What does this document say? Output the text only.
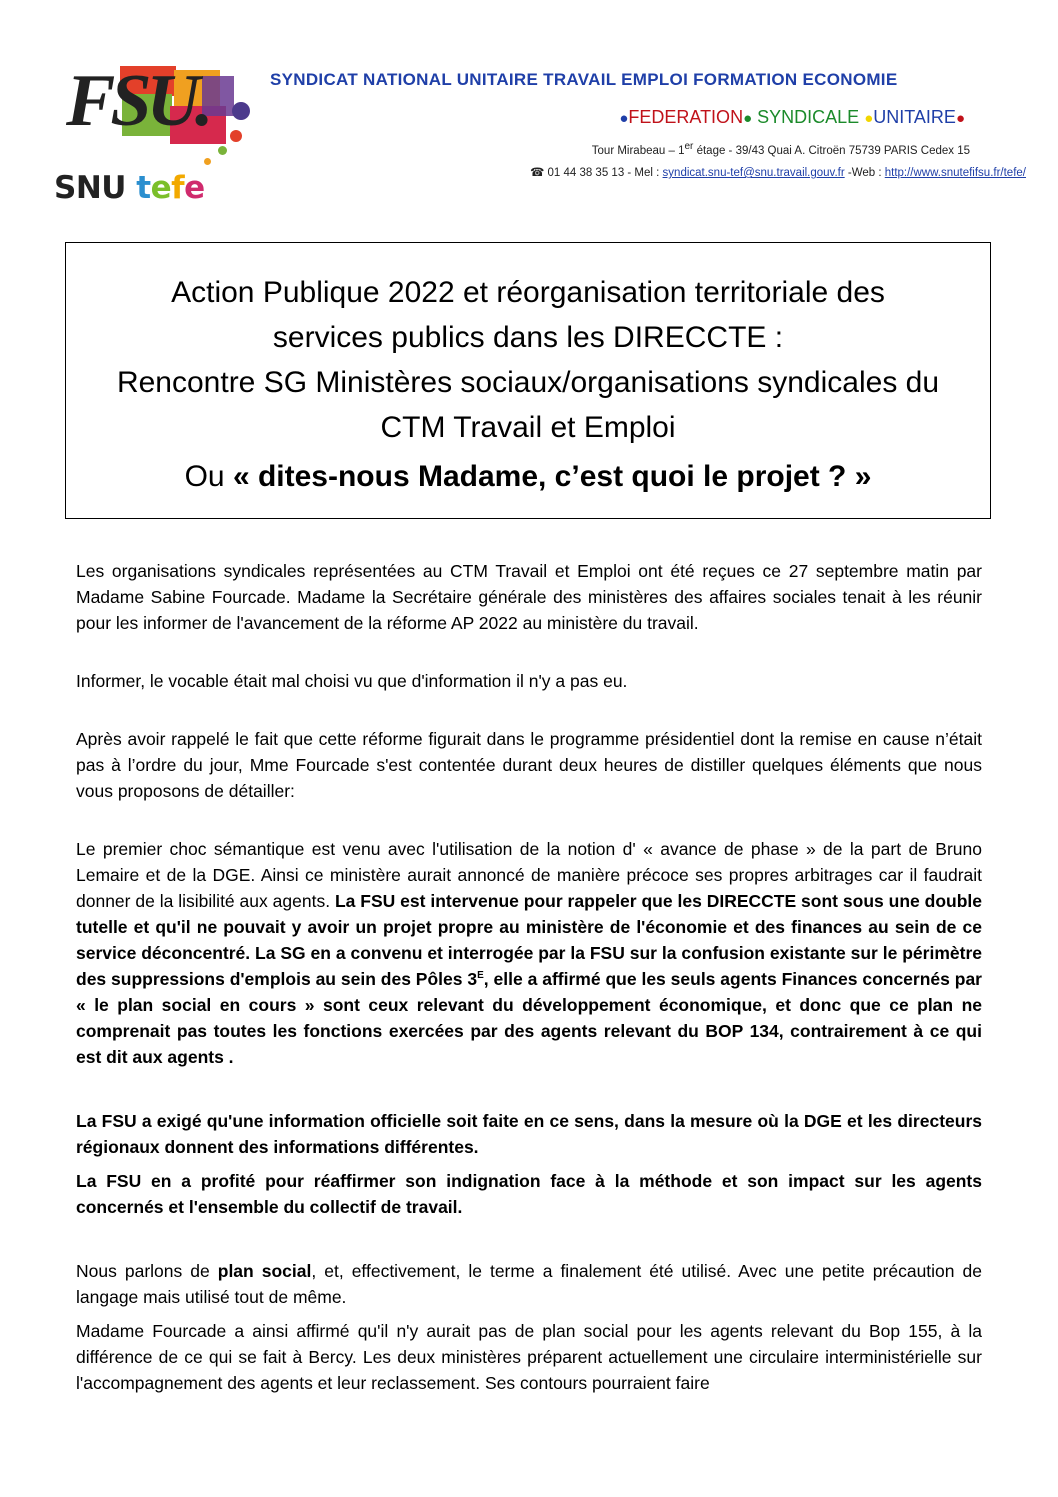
FSU.
SNU tefe
SYNDICAT NATIONAL UNITAIRE TRAVAIL EMPLOI FORMATION ECONOMIE
●FEDERATION● SYNDICALE ●UNITAIRE●
Tour Mirabeau – 1er étage - 39/43 Quai A. Citroën 75739 PARIS Cedex 15
☎ 01 44 38 35 13 - Mel : syndicat.snu-tef@snu.travail.gouv.fr -Web : http://www.snutefifsu.fr/tefe/
Action Publique 2022 et réorganisation territoriale des
services publics dans les DIRECCTE :
Rencontre SG Ministères sociaux/organisations syndicales du
CTM Travail et Emploi
Ou « dites-nous Madame, c’est quoi le projet ? »

Les organisations syndicales représentées au CTM Travail et Emploi ont été reçues ce 27 septembre matin par Madame Sabine Fourcade. Madame la Secrétaire générale des ministères des affaires sociales tenait à les réunir pour les informer de l'avancement de la réforme AP 2022 au ministère du travail.

Informer, le vocable était mal choisi vu que d'information il n'y a pas eu.

Après avoir rappelé le fait que cette réforme figurait dans le programme présidentiel dont la remise en cause n’était pas à l’ordre du jour, Mme Fourcade s'est contentée durant deux heures de distiller quelques éléments que nous vous proposons de détailler:

Le premier choc sémantique est venu avec l'utilisation de la notion d' « avance de phase » de la part de Bruno Lemaire et de la DGE. Ainsi ce ministère aurait annoncé de manière précoce ses propres arbitrages car il faudrait donner de la lisibilité aux agents. La FSU est intervenue pour rappeler que les DIRECCTE sont sous une double tutelle et qu'il ne pouvait y avoir un projet propre au ministère de l'économie et des finances au sein de ce service déconcentré. La SG en a convenu et interrogée par la FSU sur la confusion existante sur le périmètre des suppressions d'emplois au sein des Pôles $3^E$, elle a affirmé que les seuls agents Finances concernés par « le plan social en cours » sont ceux relevant du développement économique, et donc que ce plan ne comprenait pas toutes les fonctions exercées par des agents relevant du BOP 134, contrairement à ce qui est dit aux agents .

La FSU a exigé qu'une information officielle soit faite en ce sens, dans la mesure où la DGE et les directeurs régionaux donnent des informations différentes.

La FSU en a profité pour réaffirmer son indignation face à la méthode et son impact sur les agents concernés et l'ensemble du collectif de travail.

Nous parlons de plan social, et, effectivement, le terme a finalement été utilisé. Avec une petite précaution de langage mais utilisé tout de même.

Madame Fourcade a ainsi affirmé qu'il n'y aurait pas de plan social pour les agents relevant du Bop 155, à la différence de ce qui se fait à Bercy. Les deux ministères préparent actuellement une circulaire interministérielle sur l'accompagnement des agents et leur reclassement. Ses contours pourraient faire
